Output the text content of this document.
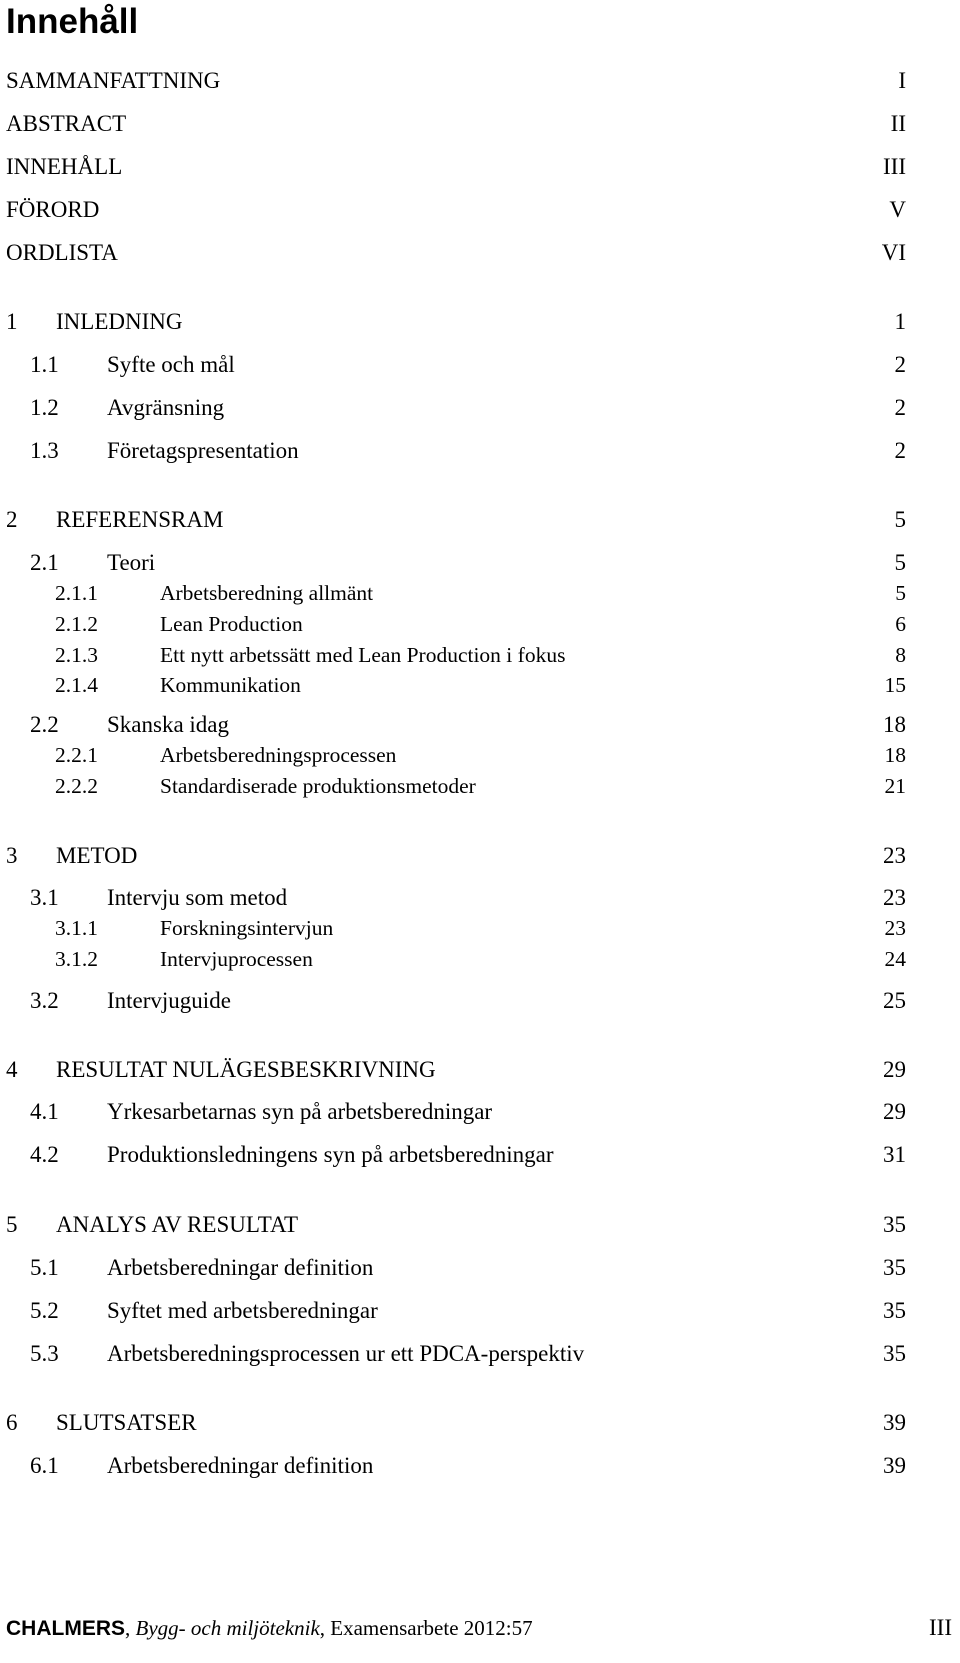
Innehåll
SAMMANFATTNING	I
ABSTRACT	II
INNEHÅLL	III
FÖRORD	V
ORDLISTA	VI
1 INLEDNING	1
1.1 Syfte och mål	2
1.2 Avgränsning	2
1.3 Företagspresentation	2
2 REFERENSRAM	5
2.1 Teori	5
2.1.1	Arbetsberedning allmänt	5
2.1.2	Lean Production	6
2.1.3	Ett nytt arbetssätt med Lean Production i fokus	8
2.1.4	Kommunikation	15
2.2 Skanska idag	18
2.2.1	Arbetsberedningsprocessen	18
2.2.2	Standardiserade produktionsmetoder	21
3 METOD	23
3.1 Intervju som metod	23
3.1.1	Forskningsintervjun	23
3.1.2	Intervjuprocessen	24
3.2 Intervjuguide	25
4 RESULTAT NULÄGESBESKRIVNING	29
4.1 Yrkesarbetarnas syn på arbetsberedningar	29
4.2 Produktionsledningens syn på arbetsberedningar	31
5 ANALYS AV RESULTAT	35
5.1 Arbetsberedningar definition	35
5.2 Syftet med arbetsberedningar	35
5.3 Arbetsberedningsprocessen ur ett PDCA-perspektiv	35
6 SLUTSATSER	39
6.1 Arbetsberedningar definition	39
CHALMERS, Bygg- och miljöteknik, Examensarbete 2012:57	III
